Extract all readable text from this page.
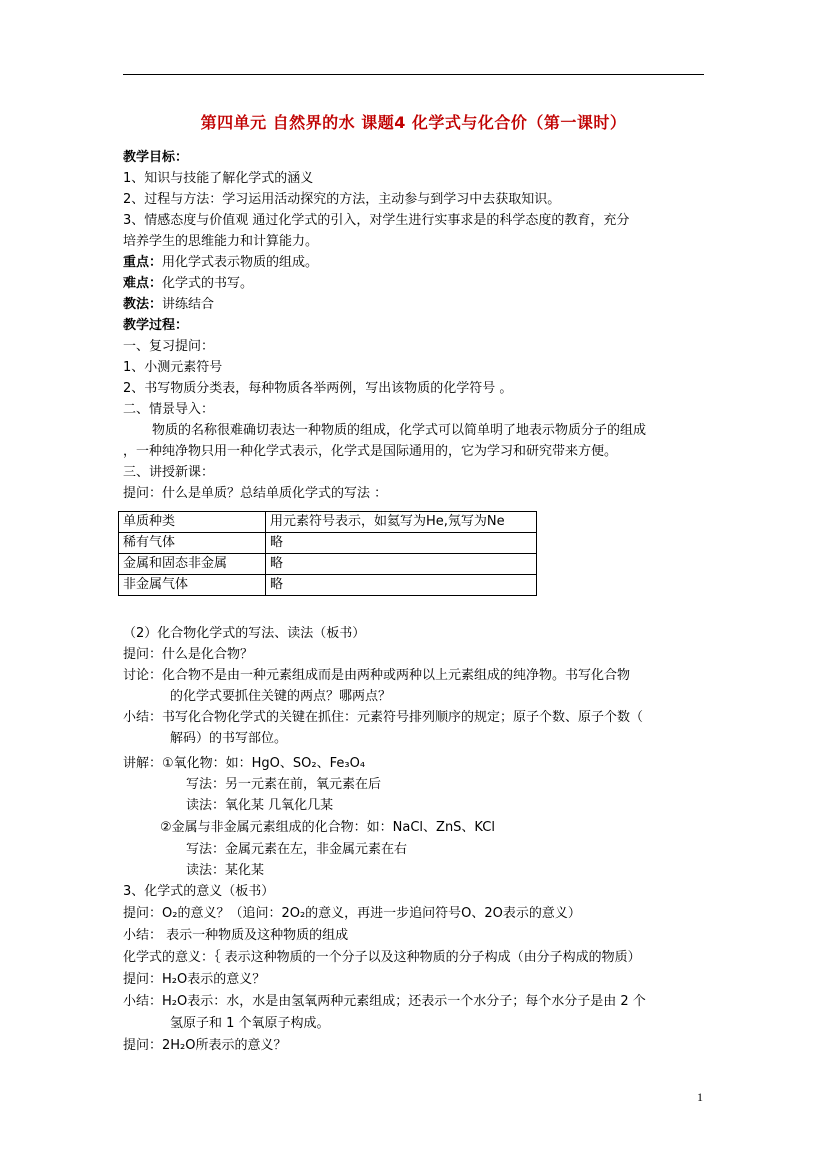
第四单元 自然界的水 课题4 化学式与化合价（第一课时）
教学目标：
1、知识与技能了解化学式的涵义
2、过程与方法：学习运用活动探究的方法，主动参与到学习中去获取知识。
3、情感态度与价值观 通过化学式的引入，对学生进行实事求是的科学态度的教育，充分
培养学生的思维能力和计算能力。
重点：用化学式表示物质的组成。
难点：化学式的书写。
教法：讲练结合
教学过程：
一、复习提问：
1、小测元素符号
2、书写物质分类表，每种物质各举两例，写出该物质的化学符号 。
二、情景导入：
物质的名称很难确切表达一种物质的组成，化学式可以简单明了地表示物质分子的组成
，一种纯净物只用一种化学式表示，化学式是国际通用的，它为学习和研究带来方便。
三、讲授新课：
提问：什么是单质？总结单质化学式的写法 ：
单质种类	用元素符号表示，如氦写为He,氖写为Ne
稀有气体	略
金属和固态非金属	略
非金属气体	略
（2）化合物化学式的写法、读法（板书）
提问：什么是化合物？
讨论：化合物不是由一种元素组成而是由两种或两种以上元素组成的纯净物。书写化合物
的化学式要抓住关键的两点？哪两点？
小结：书写化合物化学式的关键在抓住：元素符号排列顺序的规定；原子个数、原子个数（
解码）的书写部位。
讲解：①氧化物：如：HgO、SO₂、Fe₃O₄
写法：另一元素在前，氧元素在后
读法：氧化某 几氧化几某
②金属与非金属元素组成的化合物：如：NaCl、ZnS、KCl
写法：金属元素在左，非金属元素在右
读法：某化某
3、化学式的意义（板书）
提问：O₂的意义？（追问：2O₂的意义，再进一步追问符号O、2O表示的意义）
小结： 表示一种物质及这种物质的组成
化学式的意义：｛ 表示这种物质的一个分子以及这种物质的分子构成（由分子构成的物质）
提问：H₂O表示的意义？
小结：H₂O表示：水，水是由氢氧两种元素组成；还表示一个水分子；每个水分子是由 2 个
氢原子和 1 个氧原子构成。
提问：2H₂O所表示的意义？
1
